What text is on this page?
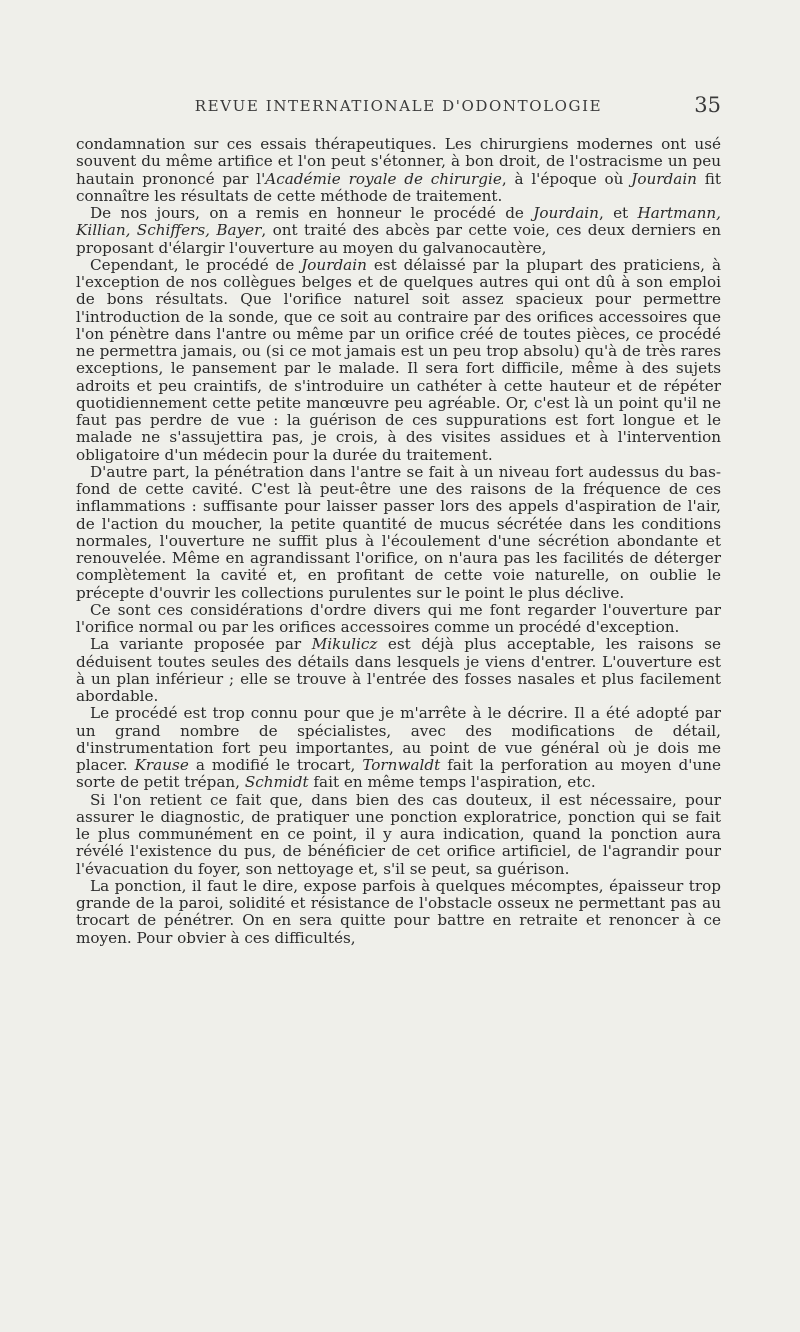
REVUE INTERNATIONALE D'ODONTOLOGIE	35

condamnation sur ces essais thérapeutiques. Les chirurgiens modernes ont usé souvent du même artifice et l'on peut s'étonner, à bon droit, de l'ostracisme un peu hautain prononcé par l'Académie royale de chirurgie, à l'époque où Jourdain fit connaître les résultats de cette méthode de traitement.

De nos jours, on a remis en honneur le procédé de Jourdain, et Hartmann, Killian, Schiffers, Bayer, ont traité des abcès par cette voie, ces deux derniers en proposant d'élargir l'ouverture au moyen du galvanocautère,

Cependant, le procédé de Jourdain est délaissé par la plupart des praticiens, à l'exception de nos collègues belges et de quelques autres qui ont dû à son emploi de bons résultats. Que l'orifice naturel soit assez spacieux pour permettre l'introduction de la sonde, que ce soit au contraire par des orifices accessoires que l'on pénètre dans l'antre ou même par un orifice créé de toutes pièces, ce procédé ne permettra jamais, ou (si ce mot jamais est un peu trop absolu) qu'à de très rares exceptions, le pansement par le malade. Il sera fort difficile, même à des sujets adroits et peu craintifs, de s'introduire un cathéter à cette hauteur et de répéter quotidiennement cette petite manœuvre peu agréable. Or, c'est là un point qu'il ne faut pas perdre de vue : la guérison de ces suppurations est fort longue et le malade ne s'assujettira pas, je crois, à des visites assidues et à l'intervention obligatoire d'un médecin pour la durée du traitement.

D'autre part, la pénétration dans l'antre se fait à un niveau fort audessus du bas-fond de cette cavité. C'est là peut-être une des raisons de la fréquence de ces inflammations : suffisante pour laisser passer lors des appels d'aspiration de l'air, de l'action du moucher, la petite quantité de mucus sécrétée dans les conditions normales, l'ouverture ne suffit plus à l'écoulement d'une sécrétion abondante et renouvelée. Même en agrandissant l'orifice, on n'aura pas les facilités de déterger complètement la cavité et, en profitant de cette voie naturelle, on oublie le précepte d'ouvrir les collections purulentes sur le point le plus déclive.

Ce sont ces considérations d'ordre divers qui me font regarder l'ouverture par l'orifice normal ou par les orifices accessoires comme un procédé d'exception.

La variante proposée par Mikulicz est déjà plus acceptable, les raisons se déduisent toutes seules des détails dans lesquels je viens d'entrer. L'ouverture est à un plan inférieur ; elle se trouve à l'entrée des fosses nasales et plus facilement abordable.

Le procédé est trop connu pour que je m'arrête à le décrire. Il a été adopté par un grand nombre de spécialistes, avec des modifications de détail, d'instrumentation fort peu importantes, au point de vue général où je dois me placer. Krause a modifié le trocart, Tornwaldt fait la perforation au moyen d'une sorte de petit trépan, Schmidt fait en même temps l'aspiration, etc.

Si l'on retient ce fait que, dans bien des cas douteux, il est nécessaire, pour assurer le diagnostic, de pratiquer une ponction exploratrice, ponction qui se fait le plus communément en ce point, il y aura indication, quand la ponction aura révélé l'existence du pus, de bénéficier de cet orifice artificiel, de l'agrandir pour l'évacuation du foyer, son nettoyage et, s'il se peut, sa guérison.

La ponction, il faut le dire, expose parfois à quelques mécomptes, épaisseur trop grande de la paroi, solidité et résistance de l'obstacle osseux ne permettant pas au trocart de pénétrer. On en sera quitte pour battre en retraite et renoncer à ce moyen. Pour obvier à ces difficultés,
